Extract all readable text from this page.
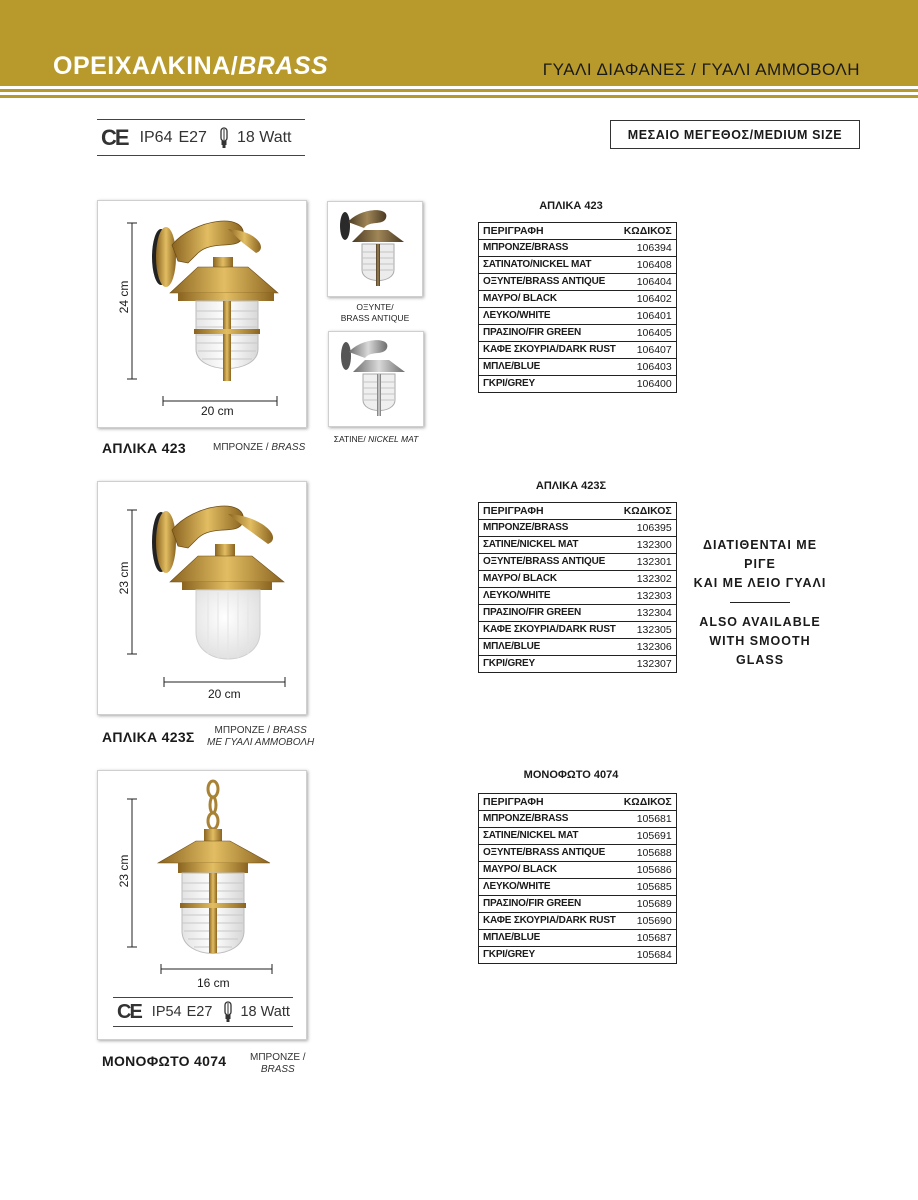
ΟΡΕΙΧΑΛΚΙΝΑ/BRASS	ΓΥΑΛΙ ΔΙΑΦΑΝΕΣ / ΓΥΑΛΙ ΑΜΜΟΒΟΛΗ
CE IP64 E27 18 Watt	ΜΕΣΑΙΟ ΜΕΓΕΘΟΣ/MEDIUM SIZE
24 cm
20 cm
ΟΞΥΝΤΕ/
BRASS ANTIQUE
ΣΑΤΙΝΕ/ NICKEL MAT
ΑΠΛΙΚΑ 423	ΜΠΡΟΝΖΕ / BRASS
ΑΠΛΙΚΑ 423
ΠΕΡΙΓΡΑΦΗ	ΚΩΔΙΚΟΣ
ΜΠΡΟΝΖΕ/BRASS	106394
ΣΑΤΙΝΑΤΟ/NICKEL MAT	106408
ΟΞΥΝΤΕ/BRASS ANTIQUE	106404
ΜΑΥΡΟ/ BLACK	106402
ΛΕΥΚΟ/WHITE	106401
ΠΡΑΣΙΝΟ/FIR GREEN	106405
ΚΑΦΕ ΣΚΟΥΡΙΑ/DARK RUST	106407
ΜΠΛΕ/BLUE	106403
ΓΚΡΙ/GREY	106400
23 cm
20 cm
ΑΠΛΙΚΑ 423Σ	ΜΠΡΟΝΖΕ / BRASS
ΜΕ ΓΥΑΛΙ ΑΜΜΟΒΟΛΗ
ΑΠΛΙΚΑ 423Σ
ΠΕΡΙΓΡΑΦΗ	ΚΩΔΙΚΟΣ
ΜΠΡΟΝΖΕ/BRASS	106395
ΣΑΤΙΝΕ/NICKEL MAT	132300
ΟΞΥΝΤΕ/BRASS ANTIQUE	132301
ΜΑΥΡΟ/ BLACK	132302
ΛΕΥΚΟ/WHITE	132303
ΠΡΑΣΙΝΟ/FIR GREEN	132304
ΚΑΦΕ ΣΚΟΥΡΙΑ/DARK RUST	132305
ΜΠΛΕ/BLUE	132306
ΓΚΡΙ/GREY	132307
ΔΙΑΤΙΘΕΝΤΑΙ ΜΕ ΡΙΓΕ
ΚΑΙ ΜΕ ΛΕΙΟ ΓΥΑΛΙ
ALSO AVAILABLE
WITH SMOOTH GLASS
23 cm
16 cm
CE IP54 E27 18 Watt
ΜΟΝΟΦΩΤΟ 4074 ΜΠΡΟΝΖΕ /
BRASS
ΜΟΝΟΦΩΤΟ 4074
ΠΕΡΙΓΡΑΦΗ	ΚΩΔΙΚΟΣ
ΜΠΡΟΝΖΕ/BRASS	105681
ΣΑΤΙΝΕ/NICKEL MAT	105691
ΟΞΥΝΤΕ/BRASS ANTIQUE	105688
ΜΑΥΡΟ/ BLACK	105686
ΛΕΥΚΟ/WHITE	105685
ΠΡΑΣΙΝΟ/FIR GREEN	105689
ΚΑΦΕ ΣΚΟΥΡΙΑ/DARK RUST	105690
ΜΠΛΕ/BLUE	105687
ΓΚΡΙ/GREY	105684
